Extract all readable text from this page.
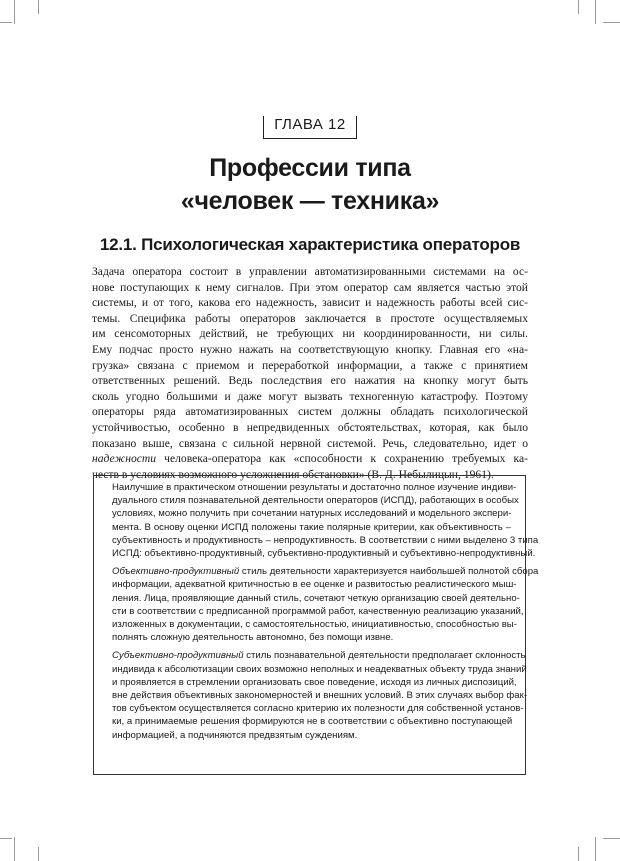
ГЛАВА 12
Профессии типа
«человек — техника»
12.1. Психологическая характеристика операторов
Задача оператора состоит в управлении автоматизированными системами на ос-
нове поступающих к нему сигналов. При этом оператор сам является частью этой
системы, и от того, какова его надежность, зависит и надежность работы всей сис-
темы. Специфика работы операторов заключается в простоте осуществляемых
им сенсомоторных действий, не требующих ни координированности, ни силы.
Ему подчас просто нужно нажать на соответствующую кнопку. Главная его «на-
грузка» связана с приемом и переработкой информации, а также с принятием
ответственных решений. Ведь последствия его нажатия на кнопку могут быть
сколь угодно большими и даже могут вызвать техногенную катастрофу. Поэтому
операторы ряда автоматизированных систем должны обладать психологической
устойчивостью, особенно в непредвиденных обстоятельствах, которая, как было
показано выше, связана с сильной нервной системой. Речь, следовательно, идет о
надежности человека-оператора как «способности к сохранению требуемых ка-
честв в условиях возможного усложнения обстановки» (В. Д. Небылицын, 1961).
Наилучшие в практическом отношении результаты и достаточно полное изучение индиви-
дуального стиля познавательной деятельности операторов (ИСПД), работающих в особых
условиях, можно получить при сочетании натурных исследований и модельного экспери-
мента. В основу оценки ИСПД положены такие полярные критерии, как объективность –
субъективность и продуктивность – непродуктивность. В соответствии с ними выделено 3 типа
ИСПД: объективно-продуктивный, субъективно-продуктивный и субъективно-непродуктивный.
Объективно-продуктивный стиль деятельности характеризуется наибольшей полнотой сбора
информации, адекватной критичностью в ее оценке и развитостью реалистического мыш-
ления. Лица, проявляющие данный стиль, сочетают четкую организацию своей деятельно-
сти в соответствии с предписанной программой работ, качественную реализацию указаний,
изложенных в документации, с самостоятельностью, инициативностью, способностью вы-
полнять сложную деятельность автономно, без помощи извне.
Субъективно-продуктивный стиль познавательной деятельности предполагает склонность
индивида к абсолютизации своих возможно неполных и неадекватных объекту труда знаний
и проявляется в стремлении организовать свое поведение, исходя из личных диспозиций,
вне действия объективных закономерностей и внешних условий. В этих случаях выбор фак-
тов субъектом осуществляется согласно критерию их полезности для собственной установ-
ки, а принимаемые решения формируются не в соответствии с объективно поступающей
информацией, а подчиняются предвзятым суждениям.
